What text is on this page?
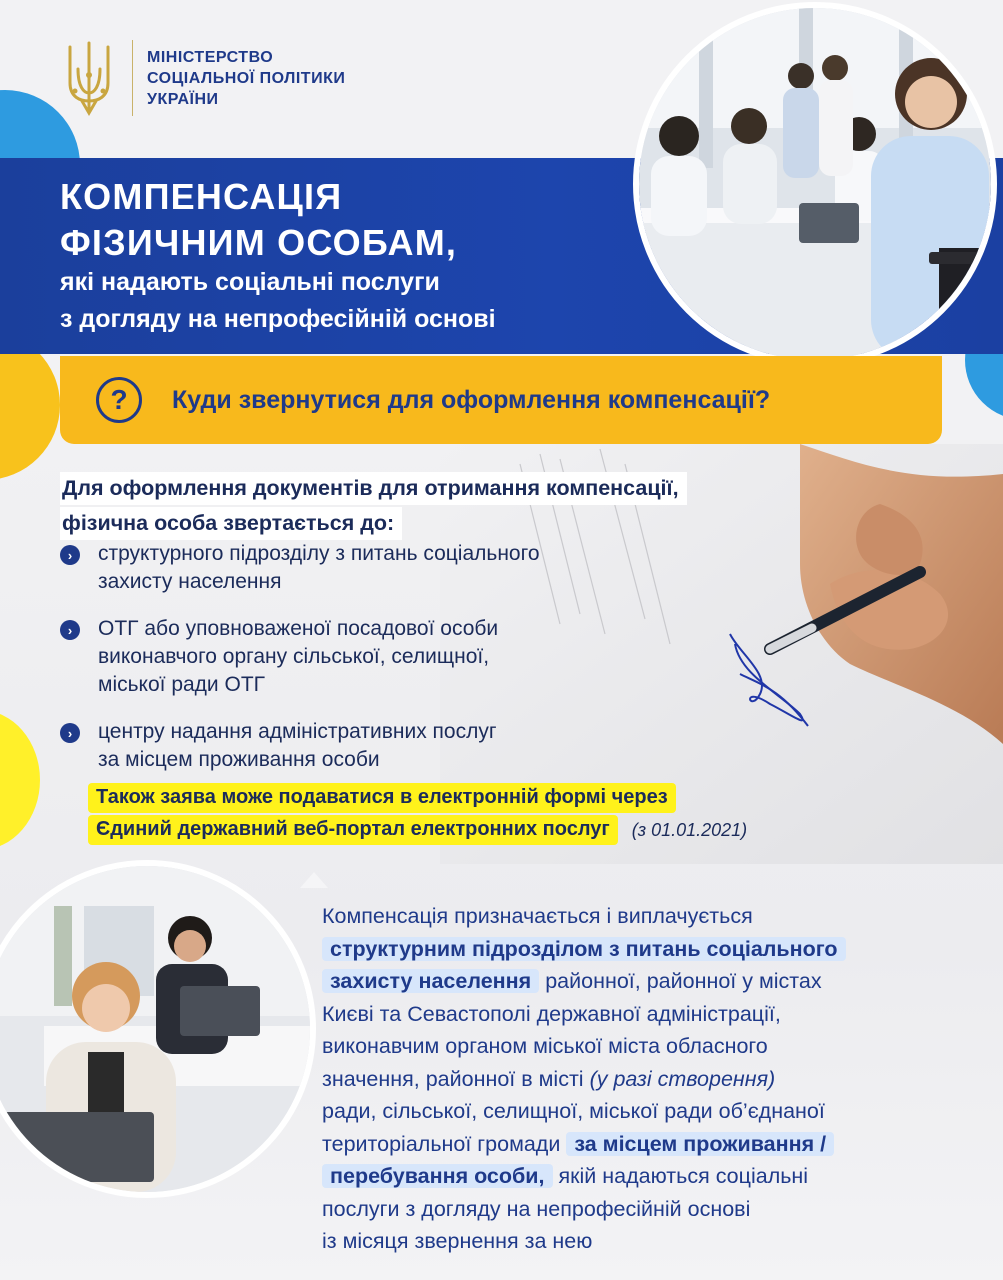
МІНІСТЕРСТВО
СОЦІАЛЬНОЇ ПОЛІТИКИ
УКРАЇНИ
КОМПЕНСАЦІЯ
ФІЗИЧНИМ ОСОБАМ,
які надають соціальні послуги
з догляду на непрофесійній основі
?	Куди звернутися для оформлення компенсації?
Для оформлення документів для отримання компенсації,
фізична особа звертається до:
›	структурного підрозділу з питань соціального
захисту населення
›	ОТГ або уповноваженої посадової особи
виконавчого органу сільської, селищної,
міської ради ОТГ
›	центру надання адміністративних послуг
за місцем проживання особи
Також заява може подаватися в електронній формі через
Єдиний державний веб-портал електронних послуг	(з 01.01.2021)
Компенсація призначається і виплачується
структурним підрозділом з питань соціального
захисту населення районної, районної у містах
Києві та Севастополі державної адміністрації,
виконавчим органом міської міста обласного
значення, районної в місті (у разі створення)
ради, сільської, селищної, міської ради об’єднаної
територіальної громади за місцем проживання /
перебування особи, якій надаються соціальні
послуги з догляду на непрофесійній основі
із місяця звернення за нею
